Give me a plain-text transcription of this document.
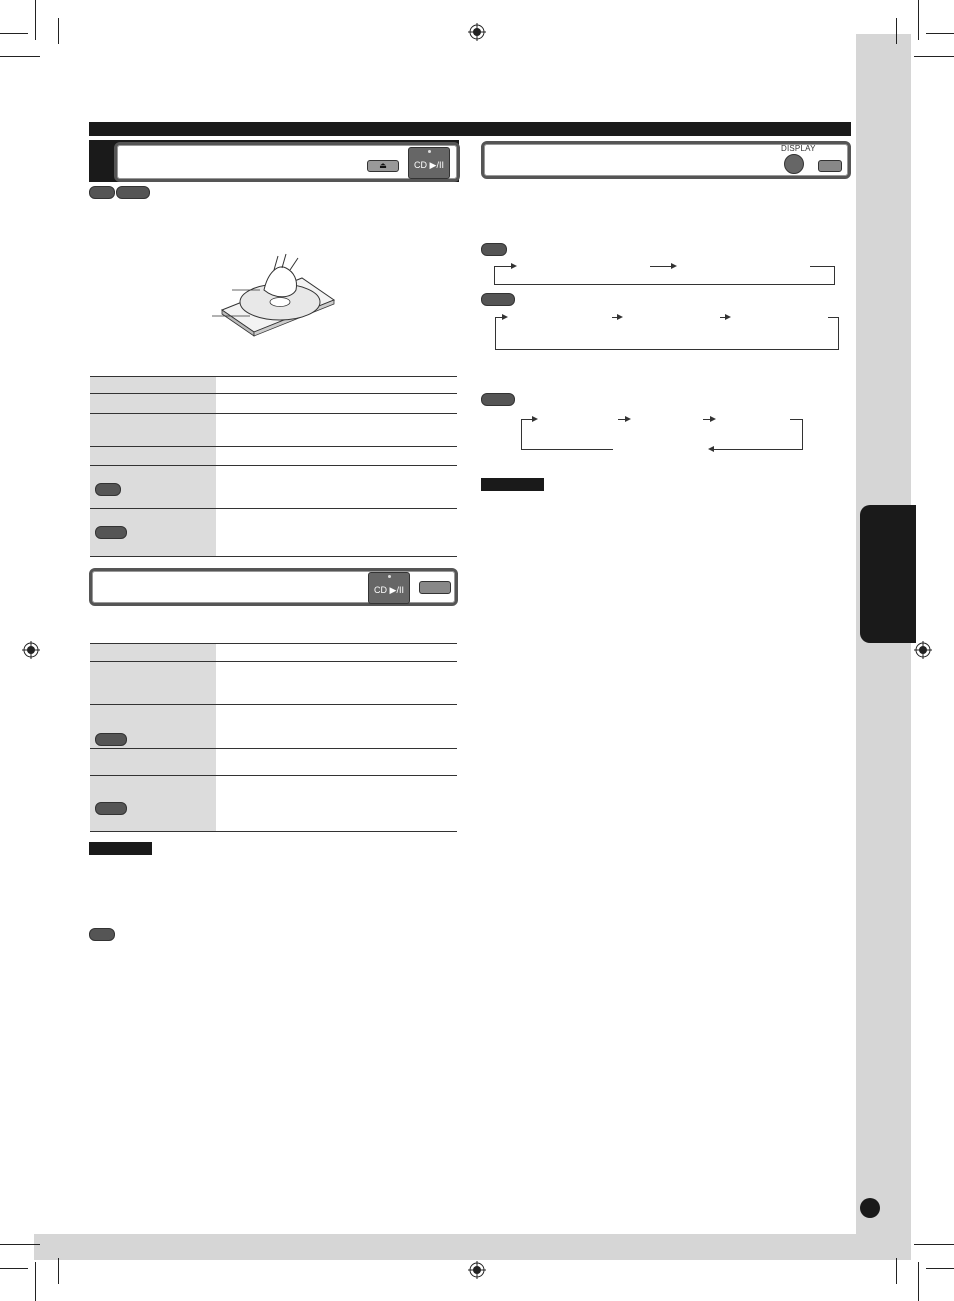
⏏	CD ▶/II
CD ▶/II
DISPLAY
